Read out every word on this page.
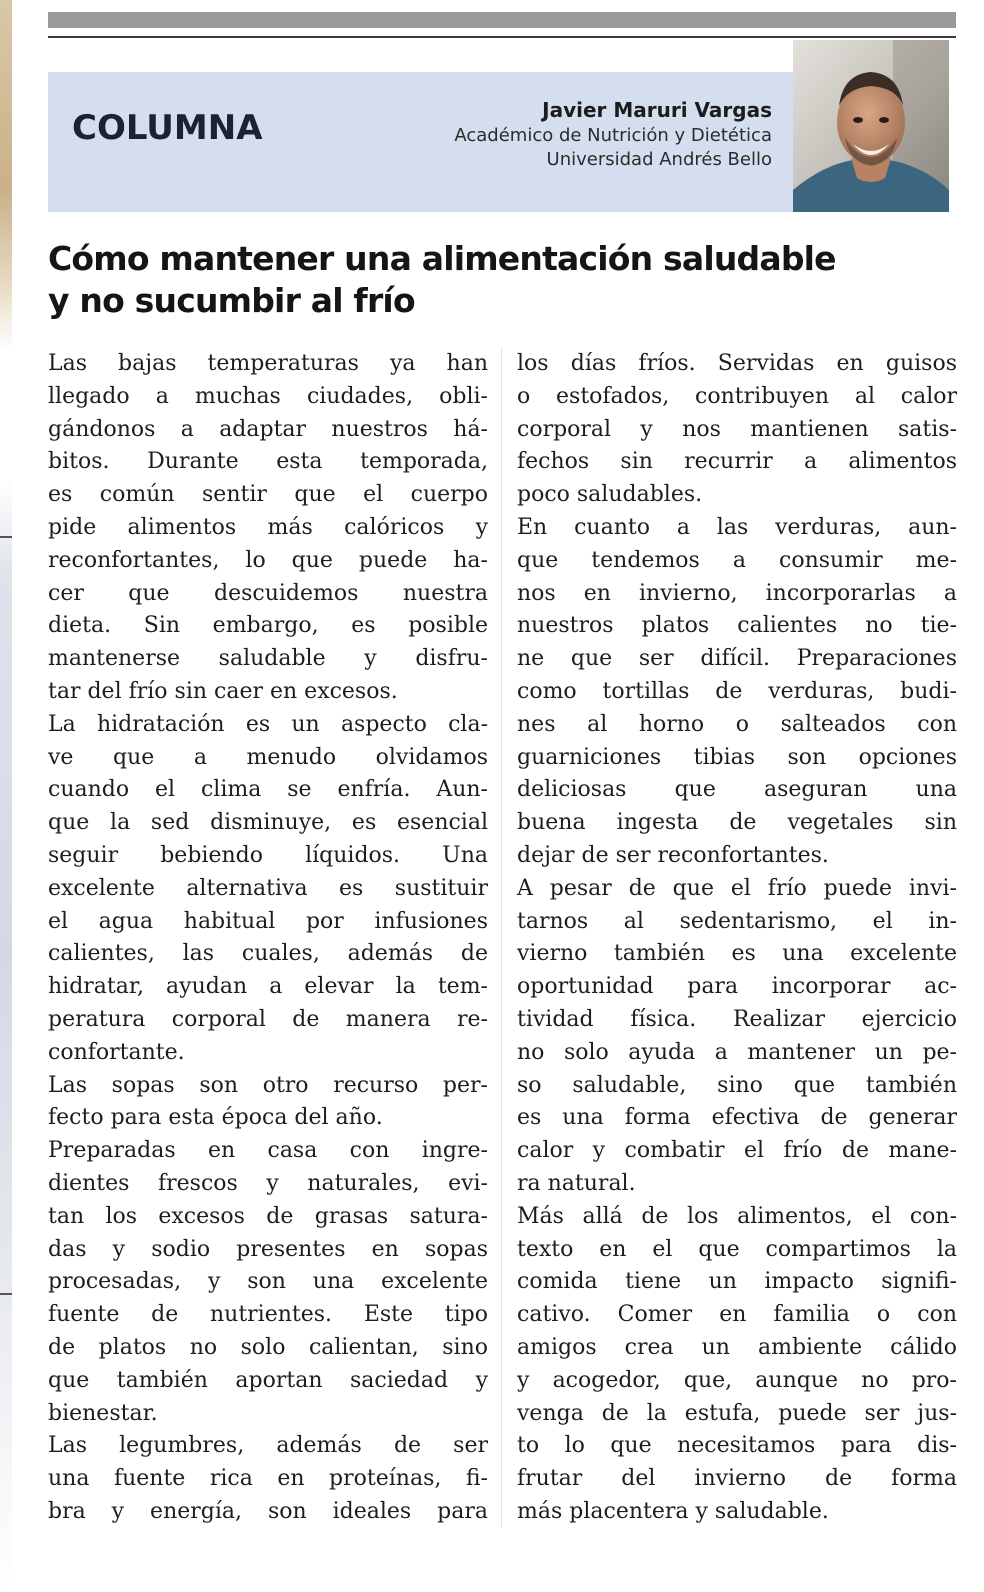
COLUMNA	Javier Maruri Vargas
Académico de Nutrición y Dietética
Universidad Andrés Bello
Cómo mantener una alimentación saludable
y no sucumbir al frío
Las bajas temperaturas ya han
llegado a muchas ciudades, obli-
gándonos a adaptar nuestros há-
bitos. Durante esta temporada,
es común sentir que el cuerpo
pide alimentos más calóricos y
reconfortantes, lo que puede ha-
cer que descuidemos nuestra
dieta. Sin embargo, es posible
mantenerse saludable y disfru-
tar del frío sin caer en excesos.
La hidratación es un aspecto cla-
ve que a menudo olvidamos
cuando el clima se enfría. Aun-
que la sed disminuye, es esencial
seguir bebiendo líquidos. Una
excelente alternativa es sustituir
el agua habitual por infusiones
calientes, las cuales, además de
hidratar, ayudan a elevar la tem-
peratura corporal de manera re-
confortante.
Las sopas son otro recurso per-
fecto para esta época del año.
Preparadas en casa con ingre-
dientes frescos y naturales, evi-
tan los excesos de grasas satura-
das y sodio presentes en sopas
procesadas, y son una excelente
fuente de nutrientes. Este tipo
de platos no solo calientan, sino
que también aportan saciedad y
bienestar.
Las legumbres, además de ser
una fuente rica en proteínas, fi-
bra y energía, son ideales para
los días fríos. Servidas en guisos
o estofados, contribuyen al calor
corporal y nos mantienen satis-
fechos sin recurrir a alimentos
poco saludables.
En cuanto a las verduras, aun-
que tendemos a consumir me-
nos en invierno, incorporarlas a
nuestros platos calientes no tie-
ne que ser difícil. Preparaciones
como tortillas de verduras, budi-
nes al horno o salteados con
guarniciones tibias son opciones
deliciosas que aseguran una
buena ingesta de vegetales sin
dejar de ser reconfortantes.
A pesar de que el frío puede invi-
tarnos al sedentarismo, el in-
vierno también es una excelente
oportunidad para incorporar ac-
tividad física. Realizar ejercicio
no solo ayuda a mantener un pe-
so saludable, sino que también
es una forma efectiva de generar
calor y combatir el frío de mane-
ra natural.
Más allá de los alimentos, el con-
texto en el que compartimos la
comida tiene un impacto signifi-
cativo. Comer en familia o con
amigos crea un ambiente cálido
y acogedor, que, aunque no pro-
venga de la estufa, puede ser jus-
to lo que necesitamos para dis-
frutar del invierno de forma
más placentera y saludable.
